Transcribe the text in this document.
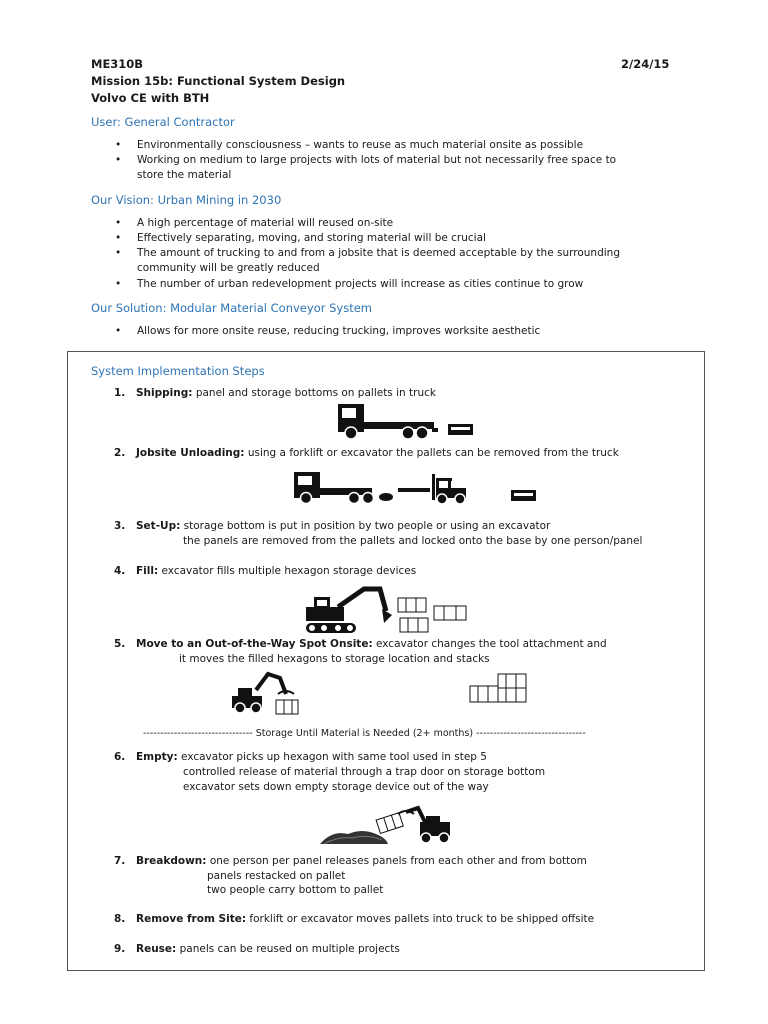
ME310B	2/24/15
Mission 15b: Functional System Design
Volvo CE with BTH
User: General Contractor
• Environmentally consciousness – wants to reuse as much material onsite as possible
• Working on medium to large projects with lots of material but not necessarily free space to
store the material
Our Vision: Urban Mining in 2030
• A high percentage of material will reused on-site
• Effectively separating, moving, and storing material will be crucial
• The amount of trucking to and from a jobsite that is deemed acceptable by the surrounding
community will be greatly reduced
• The number of urban redevelopment projects will increase as cities continue to grow
Our Solution: Modular Material Conveyor System
• Allows for more onsite reuse, reducing trucking, improves worksite aesthetic
System Implementation Steps
1. Shipping: panel and storage bottoms on pallets in truck
2. Jobsite Unloading: using a forklift or excavator the pallets can be removed from the truck
3. Set-Up: storage bottom is put in position by two people or using an excavator
the panels are removed from the pallets and locked onto the base by one person/panel
4. Fill: excavator fills multiple hexagon storage devices
5. Move to an Out-of-the-Way Spot Onsite: excavator changes the tool attachment and
it moves the filled hexagons to storage location and stacks
-------------------------------- Storage Until Material is Needed (2+ months) --------------------------------
6. Empty: excavator picks up hexagon with same tool used in step 5
controlled release of material through a trap door on storage bottom
excavator sets down empty storage device out of the way
7. Breakdown: one person per panel releases panels from each other and from bottom
panels restacked on pallet
two people carry bottom to pallet
8. Remove from Site: forklift or excavator moves pallets into truck to be shipped offsite
9. Reuse: panels can be reused on multiple projects
